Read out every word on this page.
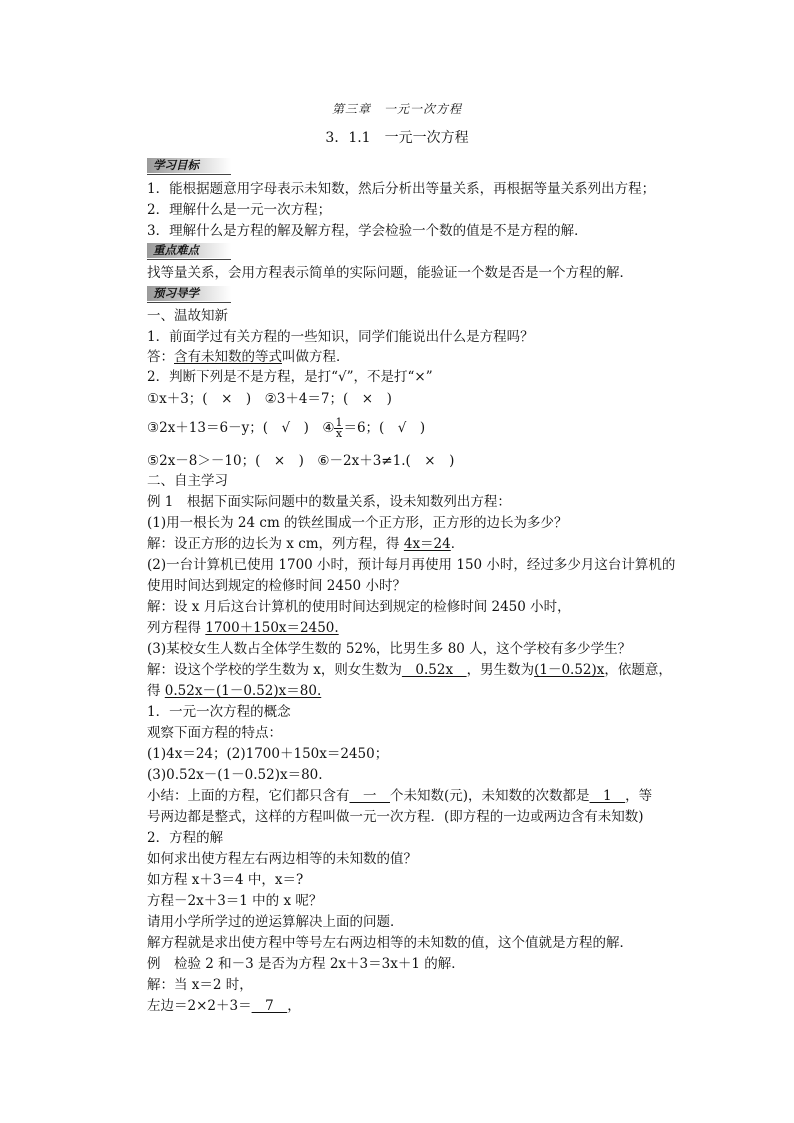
第三章　一元一次方程
3．1.1　一元一次方程
学习目标
1．能根据题意用字母表示未知数，然后分析出等量关系，再根据等量关系列出方程；
2．理解什么是一元一次方程；
3．理解什么是方程的解及解方程，学会检验一个数的值是不是方程的解．
重点难点
找等量关系，会用方程表示简单的实际问题，能验证一个数是否是一个方程的解．
预习导学
一、温故知新
1．前面学过有关方程的一些知识，同学们能说出什么是方程吗？
答：含有未知数的等式叫做方程．
2．判断下列是不是方程，是打“√”，不是打“×”
①x＋3；(　×　)　②3＋4＝7；(　×　)
③2x＋13＝6－y；(　√　)　④ $\frac{1}{x} =6$；(　√　)
⑤2x－8＞－10；(　×　)　⑥－2x＋3≠1.(　×　)
二、自主学习
例 1　根据下面实际问题中的数量关系，设未知数列出方程：
(1)用一根长为 24 cm 的铁丝围成一个正方形，正方形的边长为多少？
解：设正方形的边长为 x cm，列方程，得 4x＝24．
(2)一台计算机已使用 1700 小时，预计每月再使用 150 小时，经过多少月这台计算机的
使用时间达到规定的检修时间 2450 小时？
解：设 x 月后这台计算机的使用时间达到规定的检修时间 2450 小时，
列方程得 1700＋150x＝2450.
(3)某校女生人数占全体学生数的 52%，比男生多 80 人，这个学校有多少学生？
解：设这个学校的学生数为 x，则女生数为　0.52x　，男生数为(1－0.52)x，依题意，
得 0.52x－(1－0.52)x＝80.
1．一元一次方程的概念
观察下面方程的特点：
(1)4x＝24；(2)1700＋150x＝2450；
(3)0.52x－(1－0.52)x＝80.
小结：上面的方程，它们都只含有　一　个未知数(元)，未知数的次数都是　1　，等
号两边都是整式，这样的方程叫做一元一次方程．(即方程的一边或两边含有未知数)
2．方程的解
如何求出使方程左右两边相等的未知数的值？
如方程 x＋3＝4 中，x＝?
方程－2x＋3＝1 中的 x 呢？
请用小学所学过的逆运算解决上面的问题．
解方程就是求出使方程中等号左右两边相等的未知数的值，这个值就是方程的解．
例　检验 2 和－3 是否为方程 2x＋3＝3x＋1 的解．
解：当 x＝2 时，
左边＝2×2＋3＝　7　，
